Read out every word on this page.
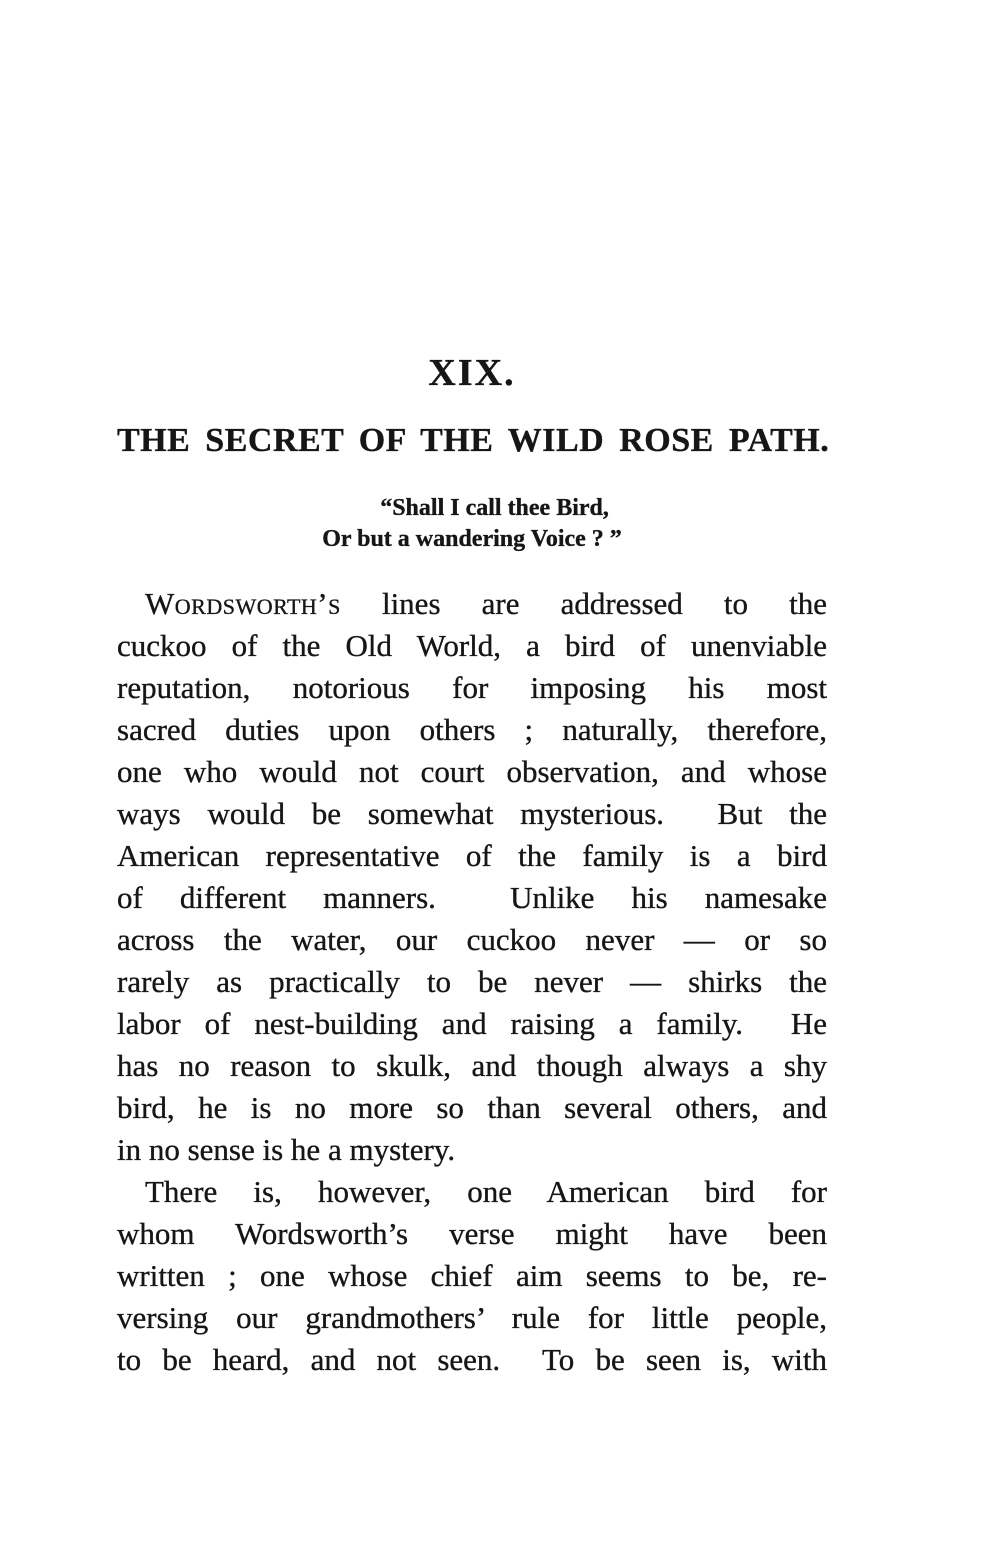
XIX.
THE SECRET OF THE WILD ROSE PATH.
“Shall I call thee Bird,
Or but a wandering Voice ? ”
Wordsworth’s lines are addressed to the
cuckoo of the Old World, a bird of unenviable
reputation, notorious for imposing his most
sacred duties upon others ; naturally, therefore,
one who would not court observation, and whose
ways would be somewhat mysterious.  But the
American representative of the family is a bird
of different manners.  Unlike his namesake
across the water, our cuckoo never — or so
rarely as practically to be never — shirks the
labor of nest-building and raising a family.  He
has no reason to skulk, and though always a shy
bird, he is no more so than several others, and
in no sense is he a mystery.
There is, however, one American bird for
whom Wordsworth’s verse might have been
written ; one whose chief aim seems to be, re-
versing our grandmothers’ rule for little people,
to be heard, and not seen.  To be seen is, with
